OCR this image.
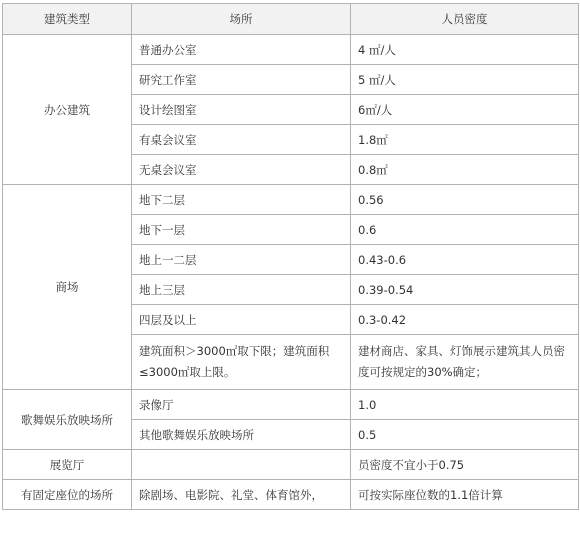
建筑类型	场所	人员密度
办公建筑	普通办公室	4 ㎡/人
	研究工作室	5 ㎡/人
	设计绘图室	6㎡/人
	有桌会议室	1.8㎡
	无桌会议室	0.8㎡
商场	地下二层	0.56
	地下一层	0.6
	地上一二层	0.43-0.6
	地上三层	0.39-0.54
	四层及以上	0.3-0.42
	建筑面积＞3000㎡取下限；建筑面积≤3000㎡取上限。	建材商店、家具、灯饰展示建筑其人员密度可按规定的30%确定；
歌舞娱乐放映场所	录像厅	1.0
	其他歌舞娱乐放映场所	0.5
展览厅		员密度不宜小于0.75
有固定座位的场所	除剧场、电影院、礼堂、体育馆外，	可按实际座位数的1.1倍计算
